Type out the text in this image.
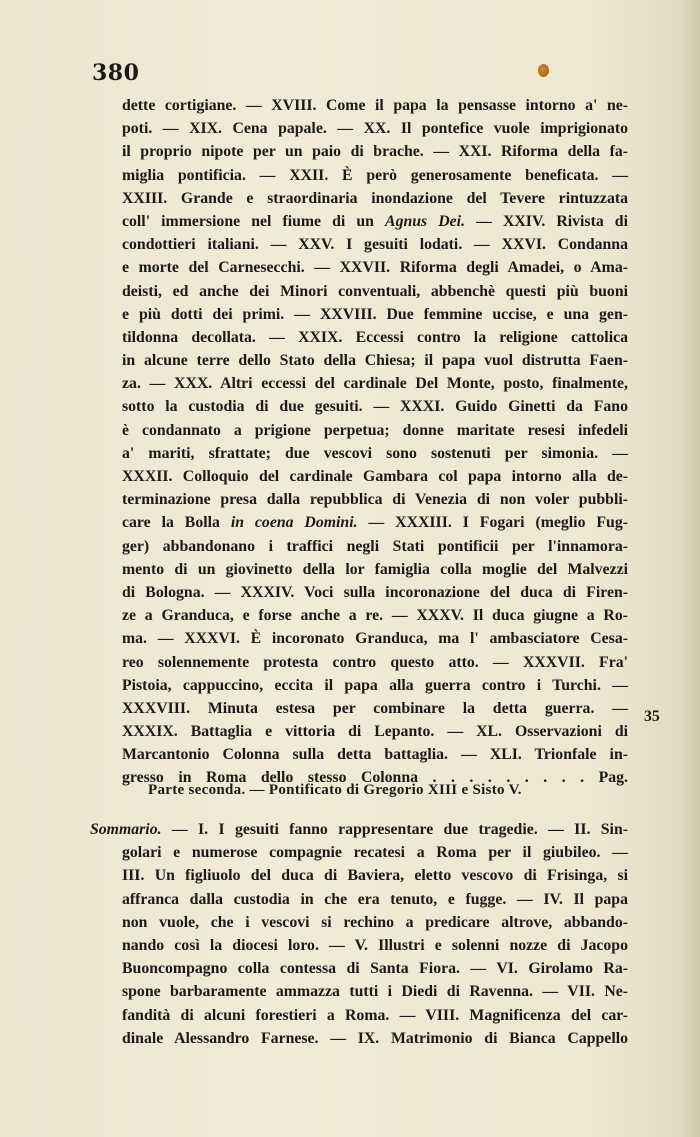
380
dette cortigiane. — XVIII. Come il papa la pensasse intorno a' ne-
poti. — XIX. Cena papale. — XX. Il pontefice vuole imprigionato
il proprio nipote per un paio di brache. — XXI. Riforma della fa-
miglia pontificia. — XXII. È però generosamente beneficata. —
XXIII. Grande e straordinaria inondazione del Tevere rintuzzata
coll' immersione nel fiume di un Agnus Dei. — XXIV. Rivista di
condottieri italiani. — XXV. I gesuiti lodati. — XXVI. Condanna
e morte del Carnesecchi. — XXVII. Riforma degli Amadei, o Ama-
deisti, ed anche dei Minori conventuali, abbenchè questi più buoni
e più dotti dei primi. — XXVIII. Due femmine uccise, e una gen-
tildonna decollata. — XXIX. Eccessi contro la religione cattolica
in alcune terre dello Stato della Chiesa; il papa vuol distrutta Faen-
za. — XXX. Altri eccessi del cardinale Del Monte, posto, finalmente,
sotto la custodia di due gesuiti. — XXXI. Guido Ginetti da Fano
è condannato a prigione perpetua; donne maritate resesi infedeli
a' mariti, sfrattate; due vescovi sono sostenuti per simonia. —
XXXII. Colloquio del cardinale Gambara col papa intorno alla de-
terminazione presa dalla repubblica di Venezia di non voler pubbli-
care la Bolla in coena Domini. — XXXIII. I Fogari (meglio Fug-
ger) abbandonano i traffici negli Stati pontificii per l'innamora-
mento di un giovinetto della lor famiglia colla moglie del Malvezzi
di Bologna. — XXXIV. Voci sulla incoronazione del duca di Firen-
ze a Granduca, e forse anche a re. — XXXV. Il duca giugne a Ro-
ma. — XXXVI. È incoronato Granduca, ma l' ambasciatore Cesa-
reo solennemente protesta contro questo atto. — XXXVII. Fra'
Pistoia, cappuccino, eccita il papa alla guerra contro i Turchi. —
XXXVIII. Minuta estesa per combinare la detta guerra. —
XXXIX. Battaglia e vittoria di Lepanto. — XL. Osservazioni di
Marcantonio Colonna sulla detta battaglia. — XLI. Trionfale in-
gresso in Roma dello stesso Colonna . . . . . . . . . Pag.
35
Parte seconda. — Pontificato di Gregorio XIII e Sisto V.
Sommario. — I. I gesuiti fanno rappresentare due tragedie. — II. Sin-
golari e numerose compagnie recatesi a Roma per il giubileo. —
III. Un figliuolo del duca di Baviera, eletto vescovo di Frisinga, si
affranca dalla custodia in che era tenuto, e fugge. — IV. Il papa
non vuole, che i vescovi si rechino a predicare altrove, abbando-
nando così la diocesi loro. — V. Illustri e solenni nozze di Jacopo
Buoncompagno colla contessa di Santa Fiora. — VI. Girolamo Ra-
spone barbaramente ammazza tutti i Diedi di Ravenna. — VII. Ne-
fandità di alcuni forestieri a Roma. — VIII. Magnificenza del car-
dinale Alessandro Farnese. — IX. Matrimonio di Bianca Cappello
